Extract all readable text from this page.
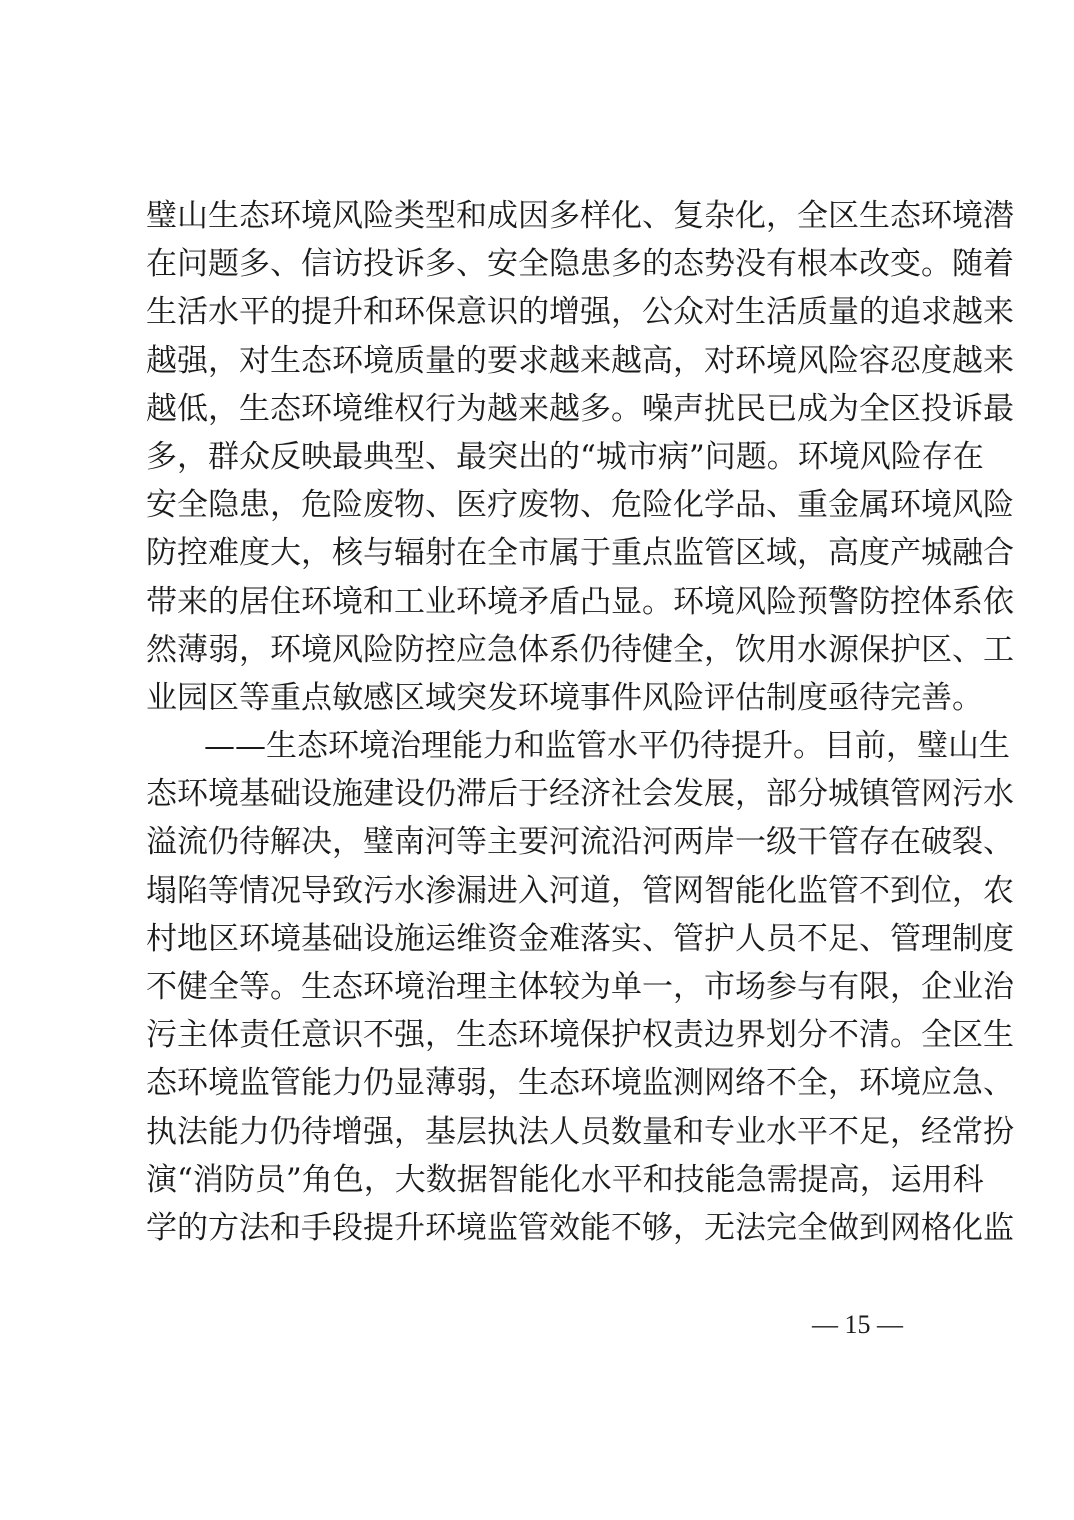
璧山生态环境风险类型和成因多样化、复杂化，全区生态环境潜
在问题多、信访投诉多、安全隐患多的态势没有根本改变。随着
生活水平的提升和环保意识的增强，公众对生活质量的追求越来
越强，对生态环境质量的要求越来越高，对环境风险容忍度越来
越低，生态环境维权行为越来越多。噪声扰民已成为全区投诉最
多，群众反映最典型、最突出的“城市病”问题。环境风险存在
安全隐患，危险废物、医疗废物、危险化学品、重金属环境风险
防控难度大，核与辐射在全市属于重点监管区域，高度产城融合
带来的居住环境和工业环境矛盾凸显。环境风险预警防控体系依
然薄弱，环境风险防控应急体系仍待健全，饮用水源保护区、工
业园区等重点敏感区域突发环境事件风险评估制度亟待完善。
——生态环境治理能力和监管水平仍待提升。目前，璧山生
态环境基础设施建设仍滞后于经济社会发展，部分城镇管网污水
溢流仍待解决，璧南河等主要河流沿河两岸一级干管存在破裂、
塌陷等情况导致污水渗漏进入河道，管网智能化监管不到位，农
村地区环境基础设施运维资金难落实、管护人员不足、管理制度
不健全等。生态环境治理主体较为单一，市场参与有限，企业治
污主体责任意识不强，生态环境保护权责边界划分不清。全区生
态环境监管能力仍显薄弱，生态环境监测网络不全，环境应急、
执法能力仍待增强，基层执法人员数量和专业水平不足，经常扮
演“消防员”角色，大数据智能化水平和技能急需提高，运用科
学的方法和手段提升环境监管效能不够，无法完全做到网格化监
— 15 —
